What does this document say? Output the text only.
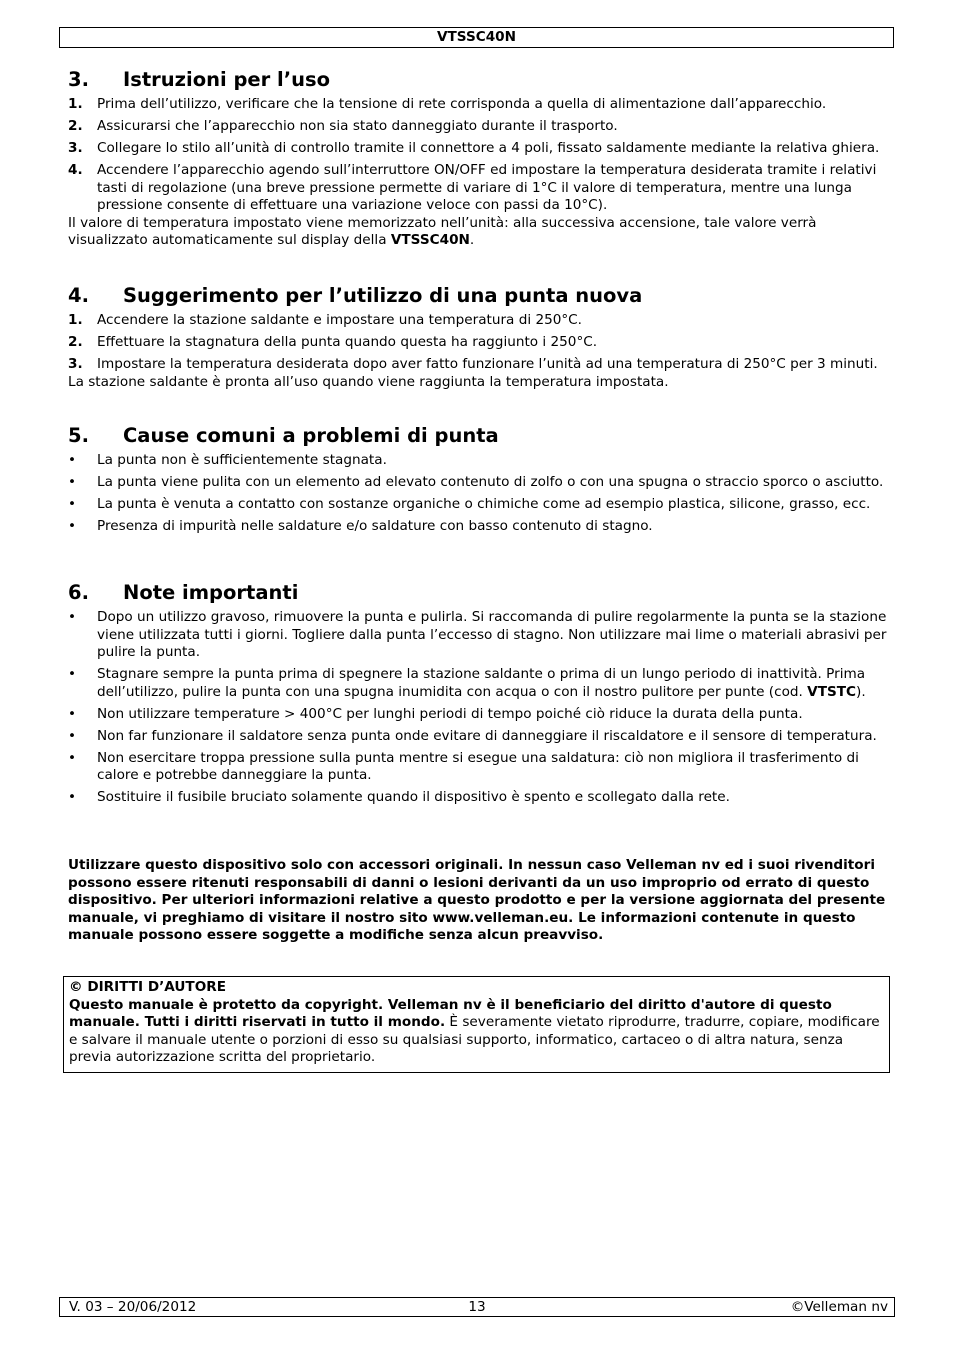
VTSSC40N
3.	Istruzioni per l’uso
1. Prima dell’utilizzo, verificare che la tensione di rete corrisponda a quella di alimentazione dall’apparecchio.
2. Assicurarsi che l’apparecchio non sia stato danneggiato durante il trasporto.
3. Collegare lo stilo all’unità di controllo tramite il connettore a 4 poli, fissato saldamente mediante la relativa ghiera.
4. Accendere l’apparecchio agendo sull’interruttore ON/OFF ed impostare la temperatura desiderata tramite i relativi tasti di regolazione (una breve pressione permette di variare di 1°C il valore di temperatura, mentre una lunga pressione consente di effettuare una variazione veloce con passi da 10°C).

Il valore di temperatura impostato viene memorizzato nell’unità: alla successiva accensione, tale valore verrà visualizzato automaticamente sul display della VTSSC40N.

4.	Suggerimento per l’utilizzo di una punta nuova
1. Accendere la stazione saldante e impostare una temperatura di 250°C.
2. Effettuare la stagnatura della punta quando questa ha raggiunto i 250°C.
3. Impostare la temperatura desiderata dopo aver fatto funzionare l’unità ad una temperatura di 250°C per 3 minuti.

La stazione saldante è pronta all’uso quando viene raggiunta la temperatura impostata.

5.	Cause comuni a problemi di punta
• La punta non è sufficientemente stagnata.
• La punta viene pulita con un elemento ad elevato contenuto di zolfo o con una spugna o straccio sporco o asciutto.
• La punta è venuta a contatto con sostanze organiche o chimiche come ad esempio plastica, silicone, grasso, ecc.
• Presenza di impurità nelle saldature e/o saldature con basso contenuto di stagno.
6.	Note importanti
• Dopo un utilizzo gravoso, rimuovere la punta e pulirla. Si raccomanda di pulire regolarmente la punta se la stazione viene utilizzata tutti i giorni. Togliere dalla punta l’eccesso di stagno. Non utilizzare mai lime o materiali abrasivi per pulire la punta.
• Stagnare sempre la punta prima di spegnere la stazione saldante o prima di un lungo periodo di inattività. Prima dell’utilizzo, pulire la punta con una spugna inumidita con acqua o con il nostro pulitore per punte (cod. VTSTC).
• Non utilizzare temperature > 400°C per lunghi periodi di tempo poiché ciò riduce la durata della punta.
• Non far funzionare il saldatore senza punta onde evitare di danneggiare il riscaldatore e il sensore di temperatura.
• Non esercitare troppa pressione sulla punta mentre si esegue una saldatura: ciò non migliora il trasferimento di calore e potrebbe danneggiare la punta.
• Sostituire il fusibile bruciato solamente quando il dispositivo è spento e scollegato dalla rete.

Utilizzare questo dispositivo solo con accessori originali. In nessun caso Velleman nv ed i suoi rivenditori possono essere ritenuti responsabili di danni o lesioni derivanti da un uso improprio od errato di questo dispositivo. Per ulteriori informazioni relative a questo prodotto e per la versione aggiornata del presente manuale, vi preghiamo di visitare il nostro sito www.velleman.eu. Le informazioni contenute in questo manuale possono essere soggette a modifiche senza alcun preavviso.

© DIRITTI D’AUTORE

Questo manuale è protetto da copyright. Velleman nv è il beneficiario del diritto d'autore di questo manuale. Tutti i diritti riservati in tutto il mondo. È severamente vietato riprodurre, tradurre, copiare, modificare e salvare il manuale utente o porzioni di esso su qualsiasi supporto, informatico, cartaceo o di altra natura, senza previa autorizzazione scritta del proprietario.

V. 03 – 20/06/2012	13	©Velleman nv
